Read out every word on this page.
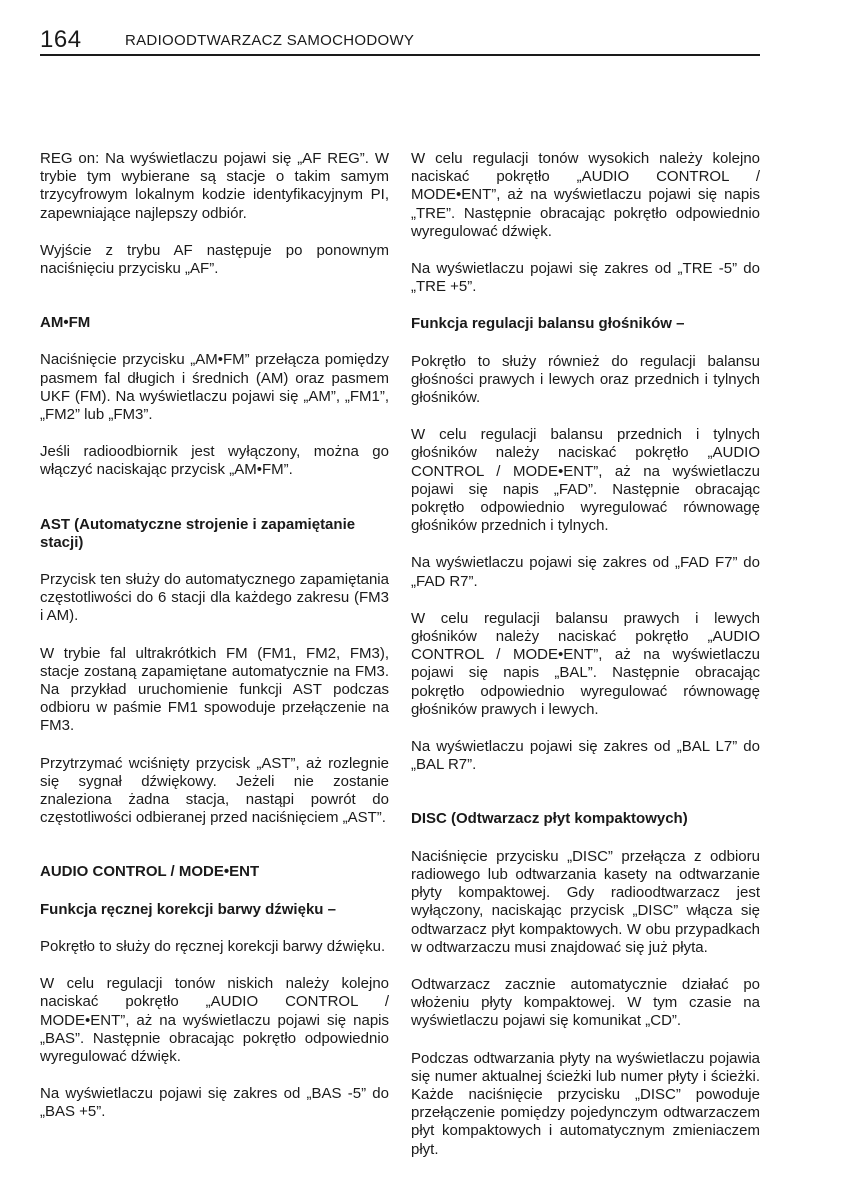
164	RADIOODTWARZACZ SAMOCHODOWY

REG on: Na wyświetlaczu pojawi się „AF REG”. W trybie tym wybierane są stacje o takim samym trzycyfrowym lokalnym kodzie identyfikacyjnym PI, zapewniające najlepszy odbiór.

Wyjście z trybu AF następuje po ponownym naciśnięciu przycisku „AF”.

AM•FM

Naciśnięcie przycisku „AM•FM” przełącza pomiędzy pasmem fal długich i średnich (AM) oraz pasmem UKF (FM). Na wyświetlaczu pojawi się „AM”, „FM1”, „FM2” lub „FM3”.

Jeśli radioodbiornik jest wyłączony, można go włączyć naciskając przycisk „AM•FM”.

AST (Automatyczne strojenie i zapamiętanie stacji)

Przycisk ten służy do automatycznego zapamiętania częstotliwości do 6 stacji dla każdego zakresu (FM3 i AM).

W trybie fal ultrakrótkich FM (FM1, FM2, FM3), stacje zostaną zapamiętane automatycznie na FM3. Na przykład uruchomienie funkcji AST podczas odbioru w paśmie FM1 spowoduje przełączenie na FM3.

Przytrzymać wciśnięty przycisk „AST”, aż rozlegnie się sygnał dźwiękowy. Jeżeli nie zostanie znaleziona żadna stacja, nastąpi powrót do częstotliwości odbieranej przed naciśnięciem „AST”.

AUDIO CONTROL / MODE•ENT

Funkcja ręcznej korekcji barwy dźwięku –

Pokrętło to służy do ręcznej korekcji barwy dźwięku.

W celu regulacji tonów niskich należy kolejno naciskać pokrętło „AUDIO CONTROL / MODE•ENT”, aż na wyświetlaczu pojawi się napis „BAS”. Następnie obracając pokrętło odpowiednio wyregulować dźwięk.

Na wyświetlaczu pojawi się zakres od „BAS -5” do „BAS +5”.

W celu regulacji tonów wysokich należy kolejno naciskać pokrętło „AUDIO CONTROL / MODE•ENT”, aż na wyświetlaczu pojawi się napis „TRE”. Następnie obracając pokrętło odpowiednio wyregulować dźwięk.

Na wyświetlaczu pojawi się zakres od „TRE -5” do „TRE +5”.

Funkcja regulacji balansu głośników –

Pokrętło to służy również do regulacji balansu głośności prawych i lewych oraz przednich i tylnych głośników.

W celu regulacji balansu przednich i tylnych głośników należy naciskać pokrętło „AUDIO CONTROL / MODE•ENT”, aż na wyświetlaczu pojawi się napis „FAD”. Następnie obracając pokrętło odpowiednio wyregulować równowagę głośników przednich i tylnych.

Na wyświetlaczu pojawi się zakres od „FAD F7” do „FAD R7”.

W celu regulacji balansu prawych i lewych głośników należy naciskać pokrętło „AUDIO CONTROL / MODE•ENT”, aż na wyświetlaczu pojawi się napis „BAL”. Następnie obracając pokrętło odpowiednio wyregulować równowagę głośników prawych i lewych.

Na wyświetlaczu pojawi się zakres od „BAL L7” do „BAL R7”.

DISC (Odtwarzacz płyt kompaktowych)

Naciśnięcie przycisku „DISC” przełącza z odbioru radiowego lub odtwarzania kasety na odtwarzanie płyty kompaktowej. Gdy radioodtwarzacz jest wyłączony, naciskając przycisk „DISC” włącza się odtwarzacz płyt kompaktowych. W obu przypadkach w odtwarzaczu musi znajdować się już płyta.

Odtwarzacz zacznie automatycznie działać po włożeniu płyty kompaktowej. W tym czasie na wyświetlaczu pojawi się komunikat „CD”.

Podczas odtwarzania płyty na wyświetlaczu pojawia się numer aktualnej ścieżki lub numer płyty i ścieżki. Każde naciśnięcie przycisku „DISC” powoduje przełączenie pomiędzy pojedynczym odtwarzaczem płyt kompaktowych i automatycznym zmieniaczem płyt.
